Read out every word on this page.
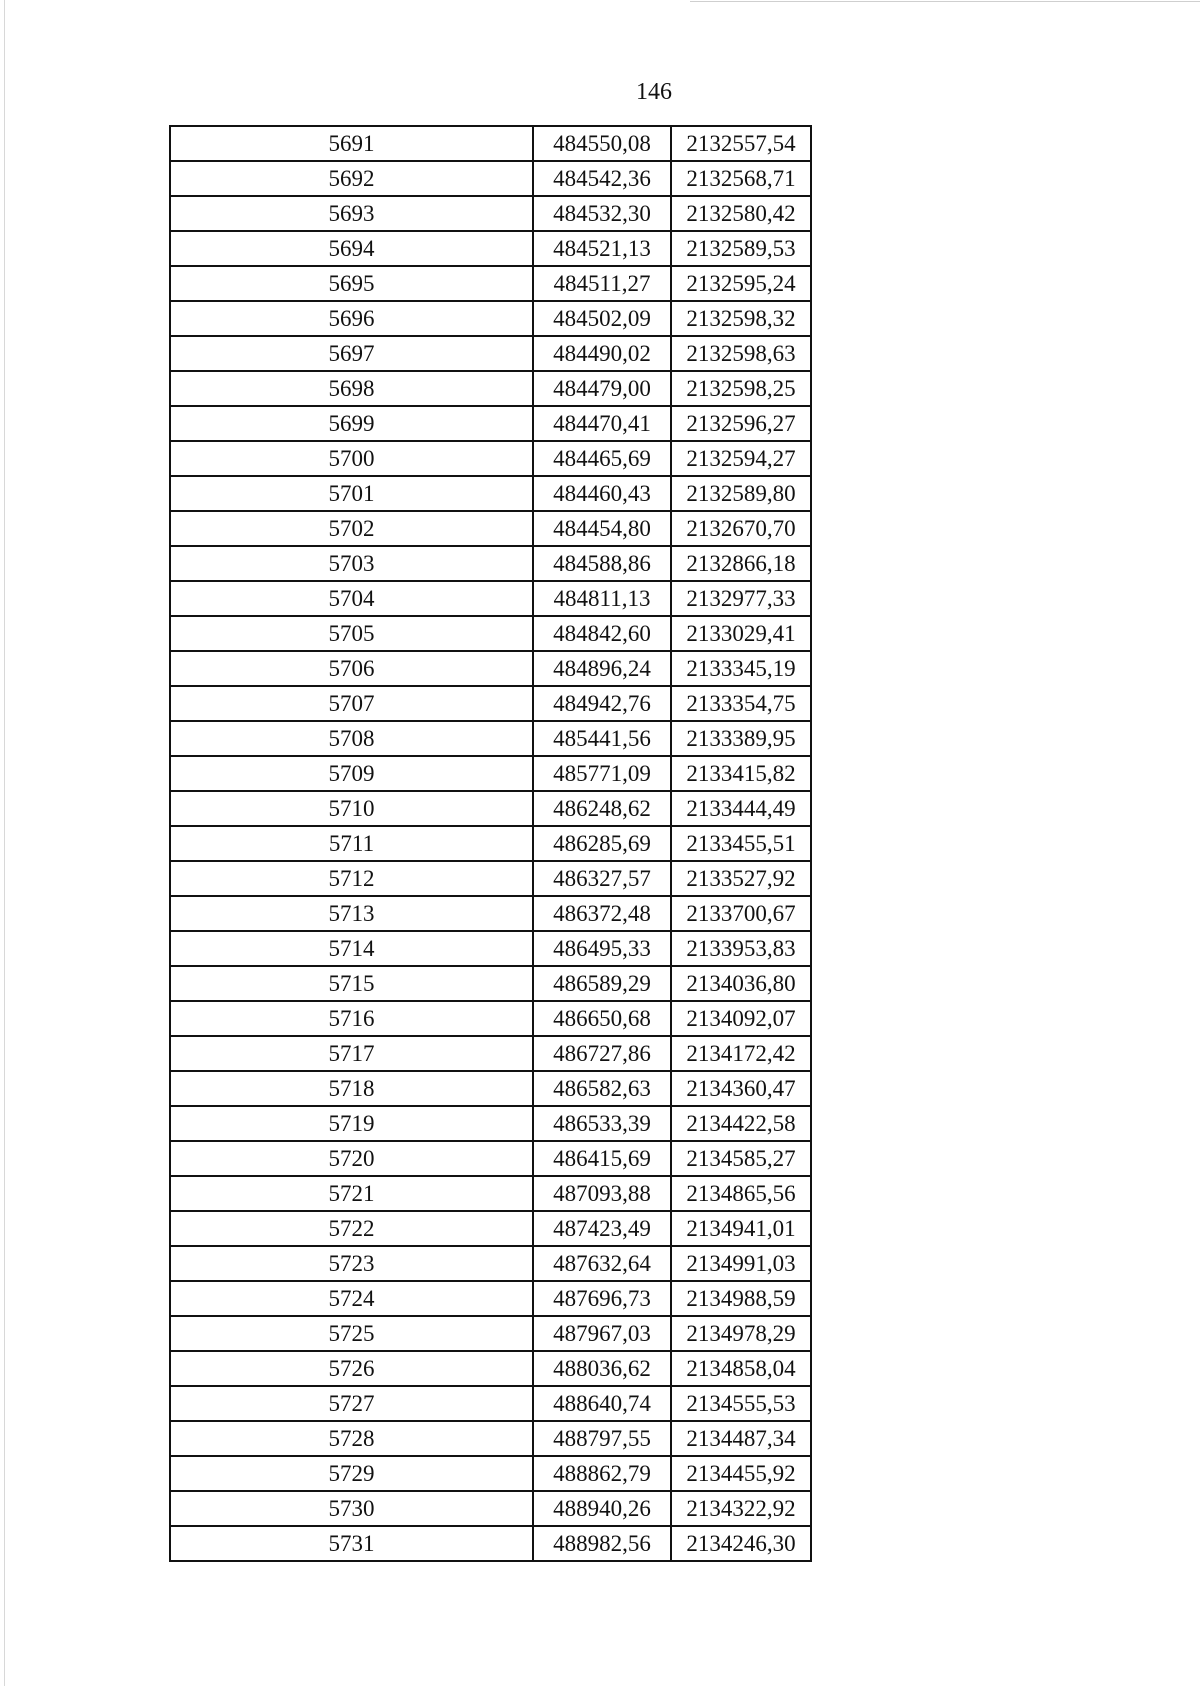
146
5691	484550,08	2132557,54
5692	484542,36	2132568,71
5693	484532,30	2132580,42
5694	484521,13	2132589,53
5695	484511,27	2132595,24
5696	484502,09	2132598,32
5697	484490,02	2132598,63
5698	484479,00	2132598,25
5699	484470,41	2132596,27
5700	484465,69	2132594,27
5701	484460,43	2132589,80
5702	484454,80	2132670,70
5703	484588,86	2132866,18
5704	484811,13	2132977,33
5705	484842,60	2133029,41
5706	484896,24	2133345,19
5707	484942,76	2133354,75
5708	485441,56	2133389,95
5709	485771,09	2133415,82
5710	486248,62	2133444,49
5711	486285,69	2133455,51
5712	486327,57	2133527,92
5713	486372,48	2133700,67
5714	486495,33	2133953,83
5715	486589,29	2134036,80
5716	486650,68	2134092,07
5717	486727,86	2134172,42
5718	486582,63	2134360,47
5719	486533,39	2134422,58
5720	486415,69	2134585,27
5721	487093,88	2134865,56
5722	487423,49	2134941,01
5723	487632,64	2134991,03
5724	487696,73	2134988,59
5725	487967,03	2134978,29
5726	488036,62	2134858,04
5727	488640,74	2134555,53
5728	488797,55	2134487,34
5729	488862,79	2134455,92
5730	488940,26	2134322,92
5731	488982,56	2134246,30
